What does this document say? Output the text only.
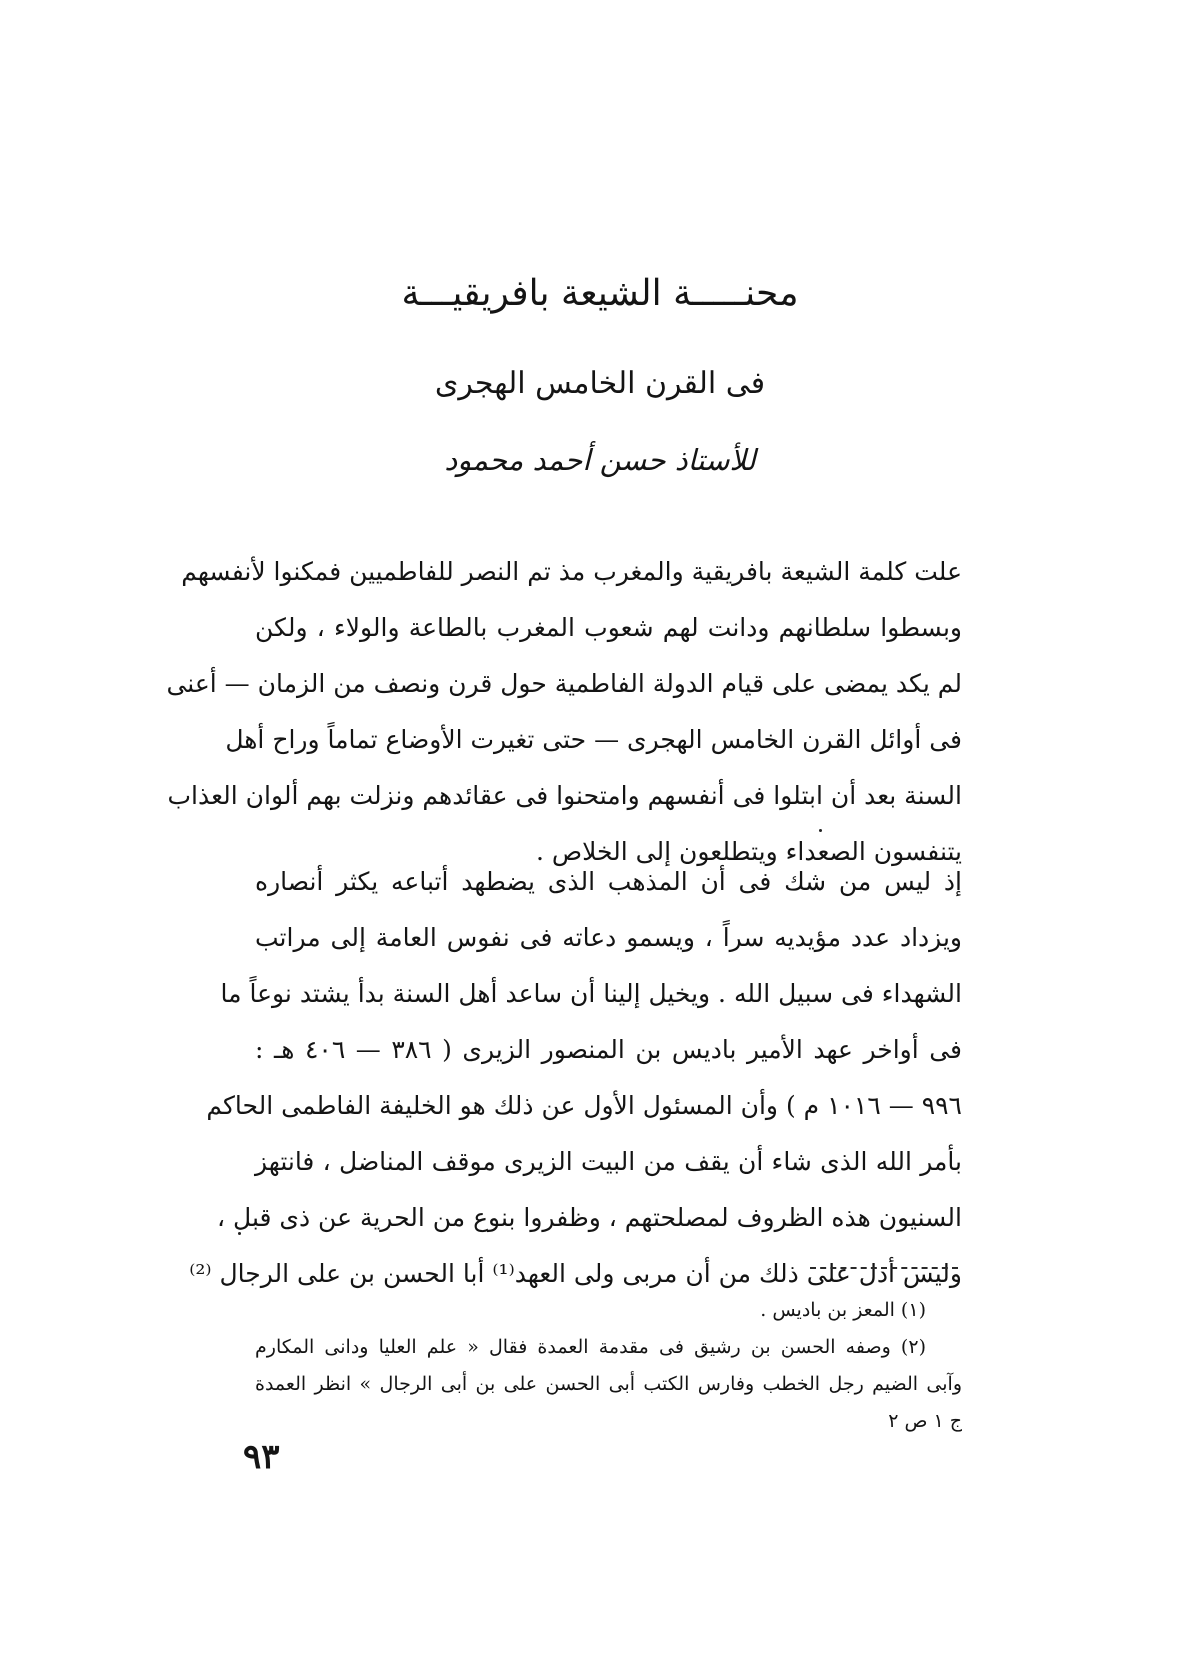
محنـــــة الشيعة بافريقيـــة
فى القرن الخامس الهجرى
للأستاذ حسن أحمد محمود
علت كلمة الشيعة بافريقية والمغرب مذ تم النصر للفاطميين فمكنوا لأنفسهم
وبسطوا سلطانهم ودانت لهم شعوب المغرب بالطاعة والولاء ، ولكن
لم يكد يمضى على قيام الدولة الفاطمية حول قرن ونصف من الزمان — أعنى
فى أوائل القرن الخامس الهجرى — حتى تغيرت الأوضاع تماماً وراح أهل
السنة بعد أن ابتلوا فى أنفسهم وامتحنوا فى عقائدهم ونزلت بهم ألوان العذاب
يتنفسون الصعداء ويتطلعون إلى الخلاص .
إذ ليس من شك فى أن المذهب الذى يضطهد أتباعه يكثر أنصاره
ويزداد عدد مؤيديه سراً ، ويسمو دعاته فى نفوس العامة إلى مراتب
الشهداء فى سبيل الله . ويخيل إلينا أن ساعد أهل السنة بدأ يشتد نوعاً ما
فى أواخر عهد الأمير باديس بن المنصور الزيرى ( ٣٨٦ — ٤٠٦ هـ :
٩٩٦ — ١٠١٦ م ) وأن المسئول الأول عن ذلك هو الخليفة الفاطمى الحاكم
بأمر الله الذى شاء أن يقف من البيت الزيرى موقف المناضل ، فانتهز
السنيون هذه الظروف لمصلحتهم ، وظفروا بنوع من الحرية عن ذى قبل ،
وليس أدل على ذلك من أن مربى ولى العهد⁽¹⁾ أبا الحسن بن على الرجال ⁽²⁾
(١) المعز بن باديس .
(٢) وصفه الحسن بن رشيق فى مقدمة العمدة فقال « علم العليا ودانى المكارم
وآبى الضيم رجل الخطب وفارس الكتب أبى الحسن على بن أبى الرجال » انظر العمدة
ج ١ ص ٢
٩٣
